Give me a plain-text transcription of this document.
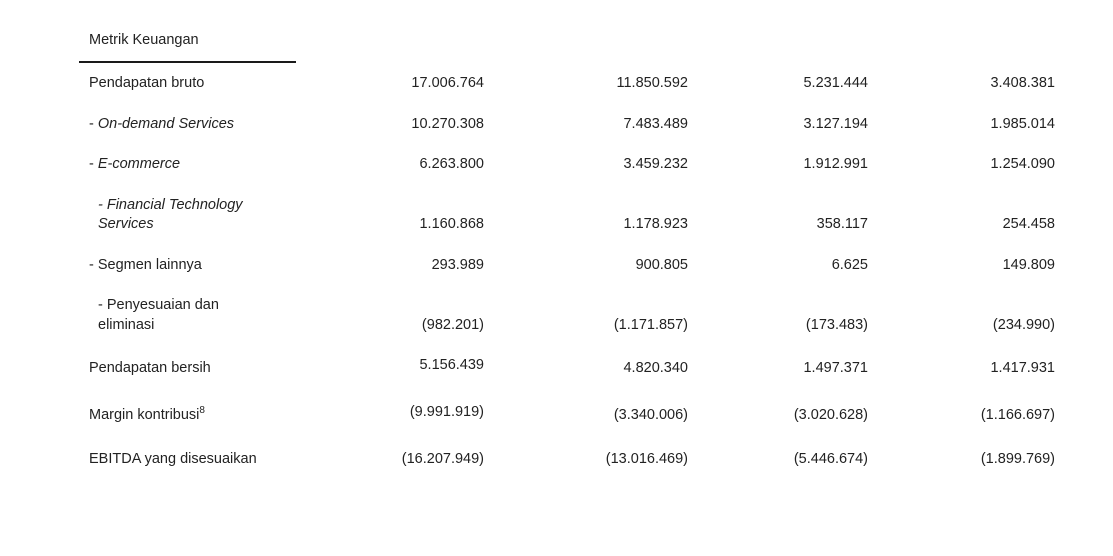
Metrik Keuangan
Pendapatan bruto	17.006.764	11.850.592	5.231.444	3.408.381
- On-demand Services	10.270.308	7.483.489	3.127.194	1.985.014
- E-commerce	6.263.800	3.459.232	1.912.991	1.254.090
- Financial Technology
Services	1.160.868	1.178.923	358.117	254.458
- Segmen lainnya	293.989	900.805	6.625	149.809
- Penyesuaian dan
eliminasi	(982.201)	(1.171.857)	(173.483)	(234.990)
Pendapatan bersih	5.156.439	4.820.340	1.497.371	1.417.931
Margin kontribusi$^8$	(9.991.919)	(3.340.006)	(3.020.628)	(1.166.697)
EBITDA yang disesuaikan	(16.207.949)	(13.016.469)	(5.446.674)	(1.899.769)
